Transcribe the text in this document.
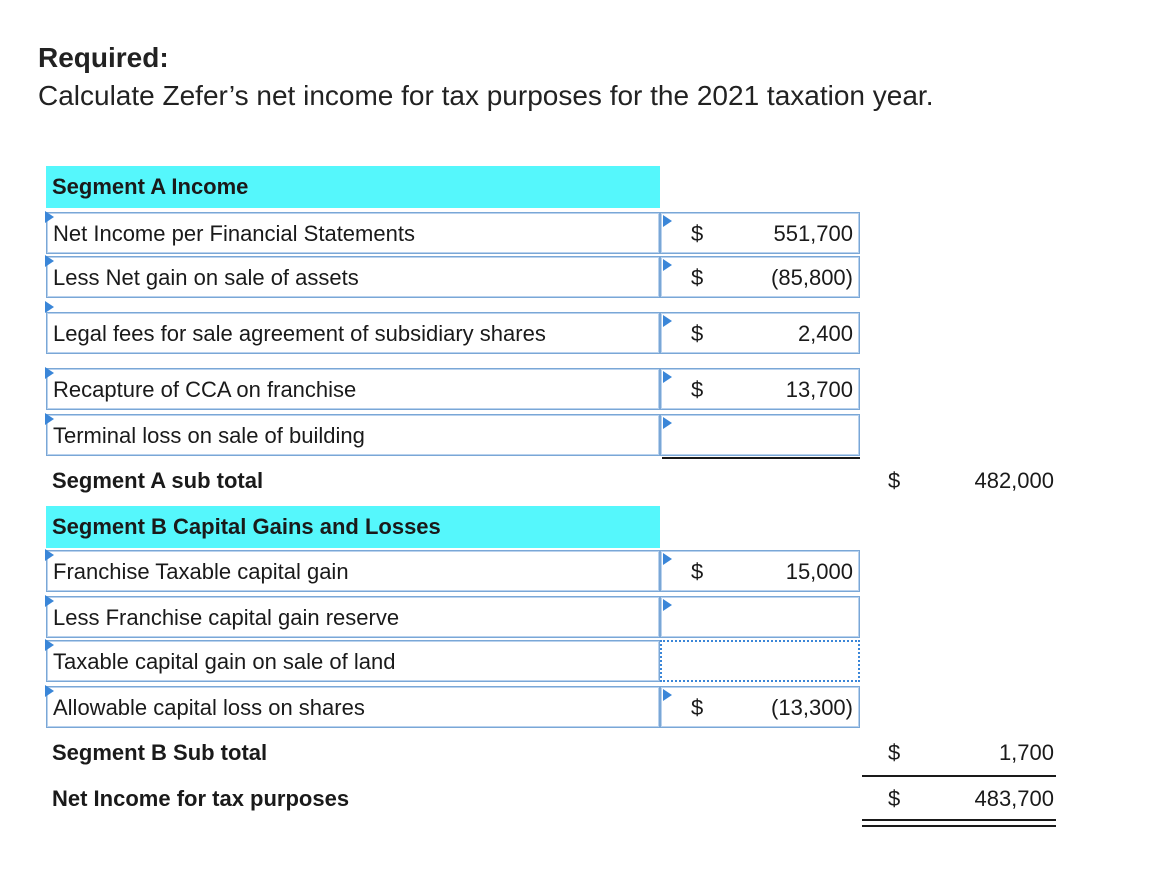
Required:
Calculate Zefer’s net income for tax purposes for the 2021 taxation year.
Segment A Income
Net Income per Financial Statements	$	551,700
Less Net gain on sale of assets	$	(85,800)
Legal fees for sale agreement of subsidiary shares	$	2,400
Recapture of CCA on franchise	$	13,700
Terminal loss on sale of building
Segment A sub total	$	482,000
Segment B Capital Gains and Losses
Franchise Taxable capital gain	$	15,000
Less Franchise capital gain reserve
Taxable capital gain on sale of land
Allowable capital loss on shares	$	(13,300)
Segment B Sub total	$	1,700
Net Income for tax purposes	$	483,700
